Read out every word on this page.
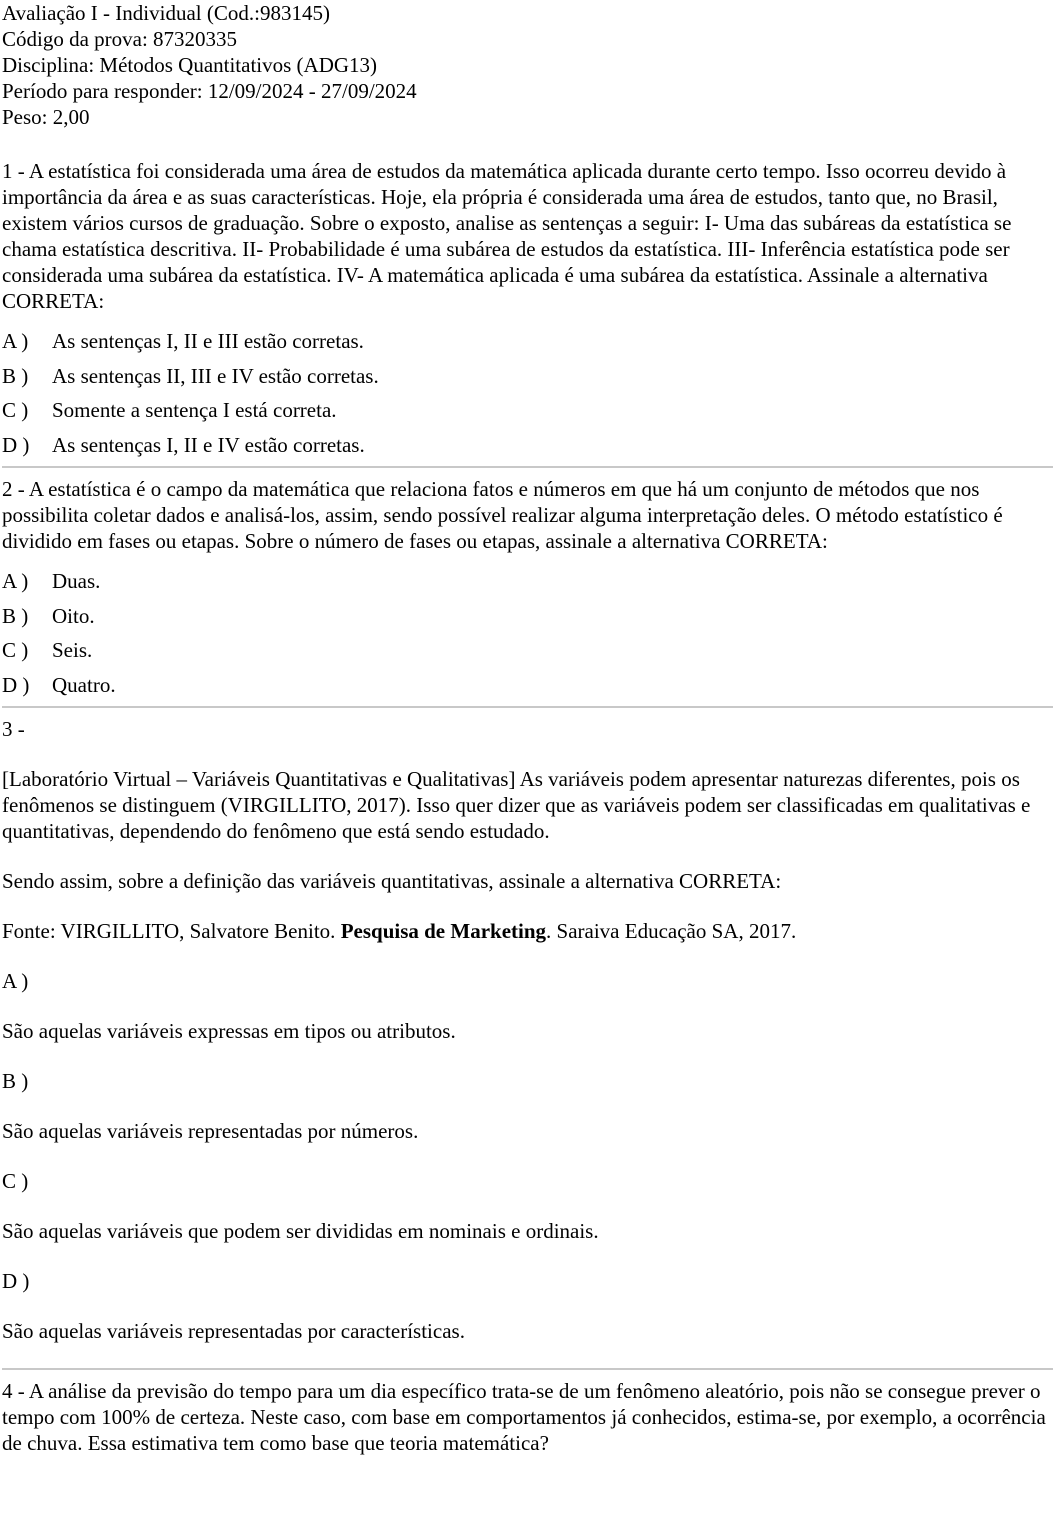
Avaliação I - Individual (Cod.:983145)
Código da prova: 87320335
Disciplina: Métodos Quantitativos (ADG13)
Período para responder: 12/09/2024 - 27/09/2024
Peso: 2,00

1 - A estatística foi considerada uma área de estudos da matemática aplicada durante certo tempo. Isso ocorreu devido à importância da área e as suas características. Hoje, ela própria é considerada uma área de estudos, tanto que, no Brasil, existem vários cursos de graduação. Sobre o exposto, analise as sentenças a seguir: I- Uma das subáreas da estatística se chama estatística descritiva. II- Probabilidade é uma subárea de estudos da estatística. III- Inferência estatística pode ser considerada uma subárea da estatística. IV- A matemática aplicada é uma subárea da estatística. Assinale a alternativa CORRETA:

A ) As sentenças I, II e III estão corretas.
B ) As sentenças II, III e IV estão corretas.
C ) Somente a sentença I está correta.
D ) As sentenças I, II e IV estão corretas.

2 - A estatística é o campo da matemática que relaciona fatos e números em que há um conjunto de métodos que nos possibilita coletar dados e analisá-los, assim, sendo possível realizar alguma interpretação deles. O método estatístico é dividido em fases ou etapas. Sobre o número de fases ou etapas, assinale a alternativa CORRETA:

A ) Duas.
B ) Oito.
C ) Seis.
D ) Quatro.

3 -

[Laboratório Virtual – Variáveis Quantitativas e Qualitativas] As variáveis podem apresentar naturezas diferentes, pois os fenômenos se distinguem (VIRGILLITO, 2017). Isso quer dizer que as variáveis podem ser classificadas em qualitativas e quantitativas, dependendo do fenômeno que está sendo estudado.

Sendo assim, sobre a definição das variáveis quantitativas, assinale a alternativa CORRETA:

Fonte: VIRGILLITO, Salvatore Benito. Pesquisa de Marketing. Saraiva Educação SA, 2017.

A )

São aquelas variáveis expressas em tipos ou atributos.

B )

São aquelas variáveis representadas por números.

C )

São aquelas variáveis que podem ser divididas em nominais e ordinais.

D )

São aquelas variáveis representadas por características.

4 - A análise da previsão do tempo para um dia específico trata-se de um fenômeno aleatório, pois não se consegue prever o tempo com 100% de certeza. Neste caso, com base em comportamentos já conhecidos, estima-se, por exemplo, a ocorrência de chuva. Essa estimativa tem como base que teoria matemática?
